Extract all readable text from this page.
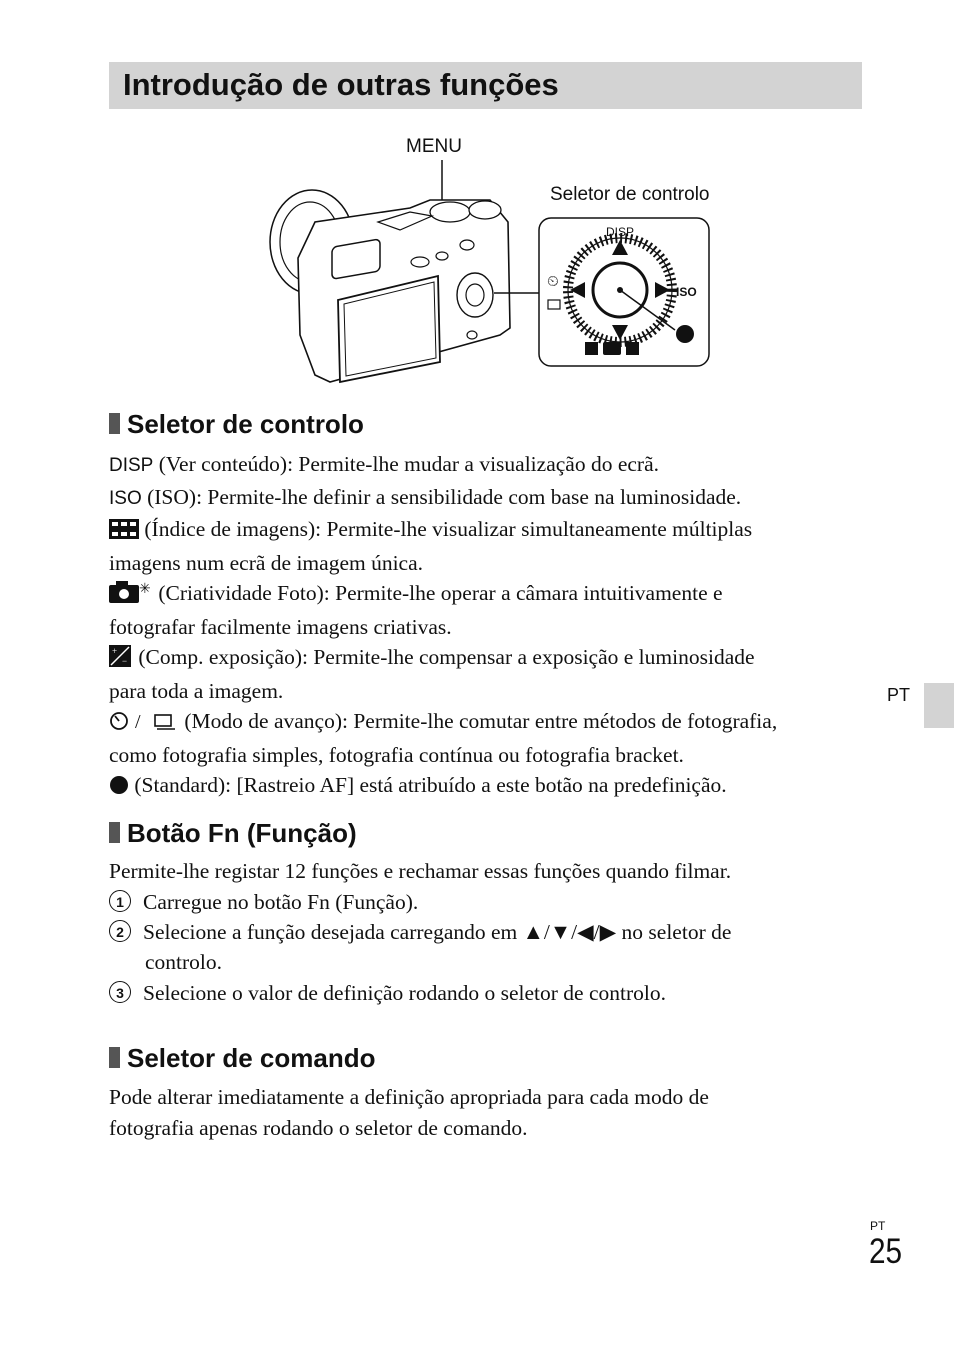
Introdução de outras funções
MENU
Seletor de controlo
DISP
ISO
⏲
Seletor de controlo
DISP (Ver conteúdo): Permite-lhe mudar a visualização do ecrã.
ISO (ISO): Permite-lhe definir a sensibilidade com base na luminosidade.
(Índice de imagens): Permite-lhe visualizar simultaneamente múltiplas
imagens num ecrã de imagem única.
✳ (Criatividade Foto): Permite-lhe operar a câmara intuitivamente e
fotografar facilmente imagens criativas.
+
− (Comp. exposição): Permite-lhe compensar a exposição e luminosidade
para toda a imagem.
/ (Modo de avanço): Permite-lhe comutar entre métodos de fotografia,
como fotografia simples, fotografia contínua ou fotografia bracket.
(Standard): [Rastreio AF] está atribuído a este botão na predefinição.
Botão Fn (Função)
Permite-lhe registar 12 funções e rechamar essas funções quando filmar.
1 Carregue no botão Fn (Função).
2 Selecione a função desejada carregando em ▲/▼/◀/▶ no seletor de
controlo.
3 Selecione o valor de definição rodando o seletor de controlo.
Seletor de comando
Pode alterar imediatamente a definição apropriada para cada modo de
fotografia apenas rodando o seletor de comando.
PT
PT
25
